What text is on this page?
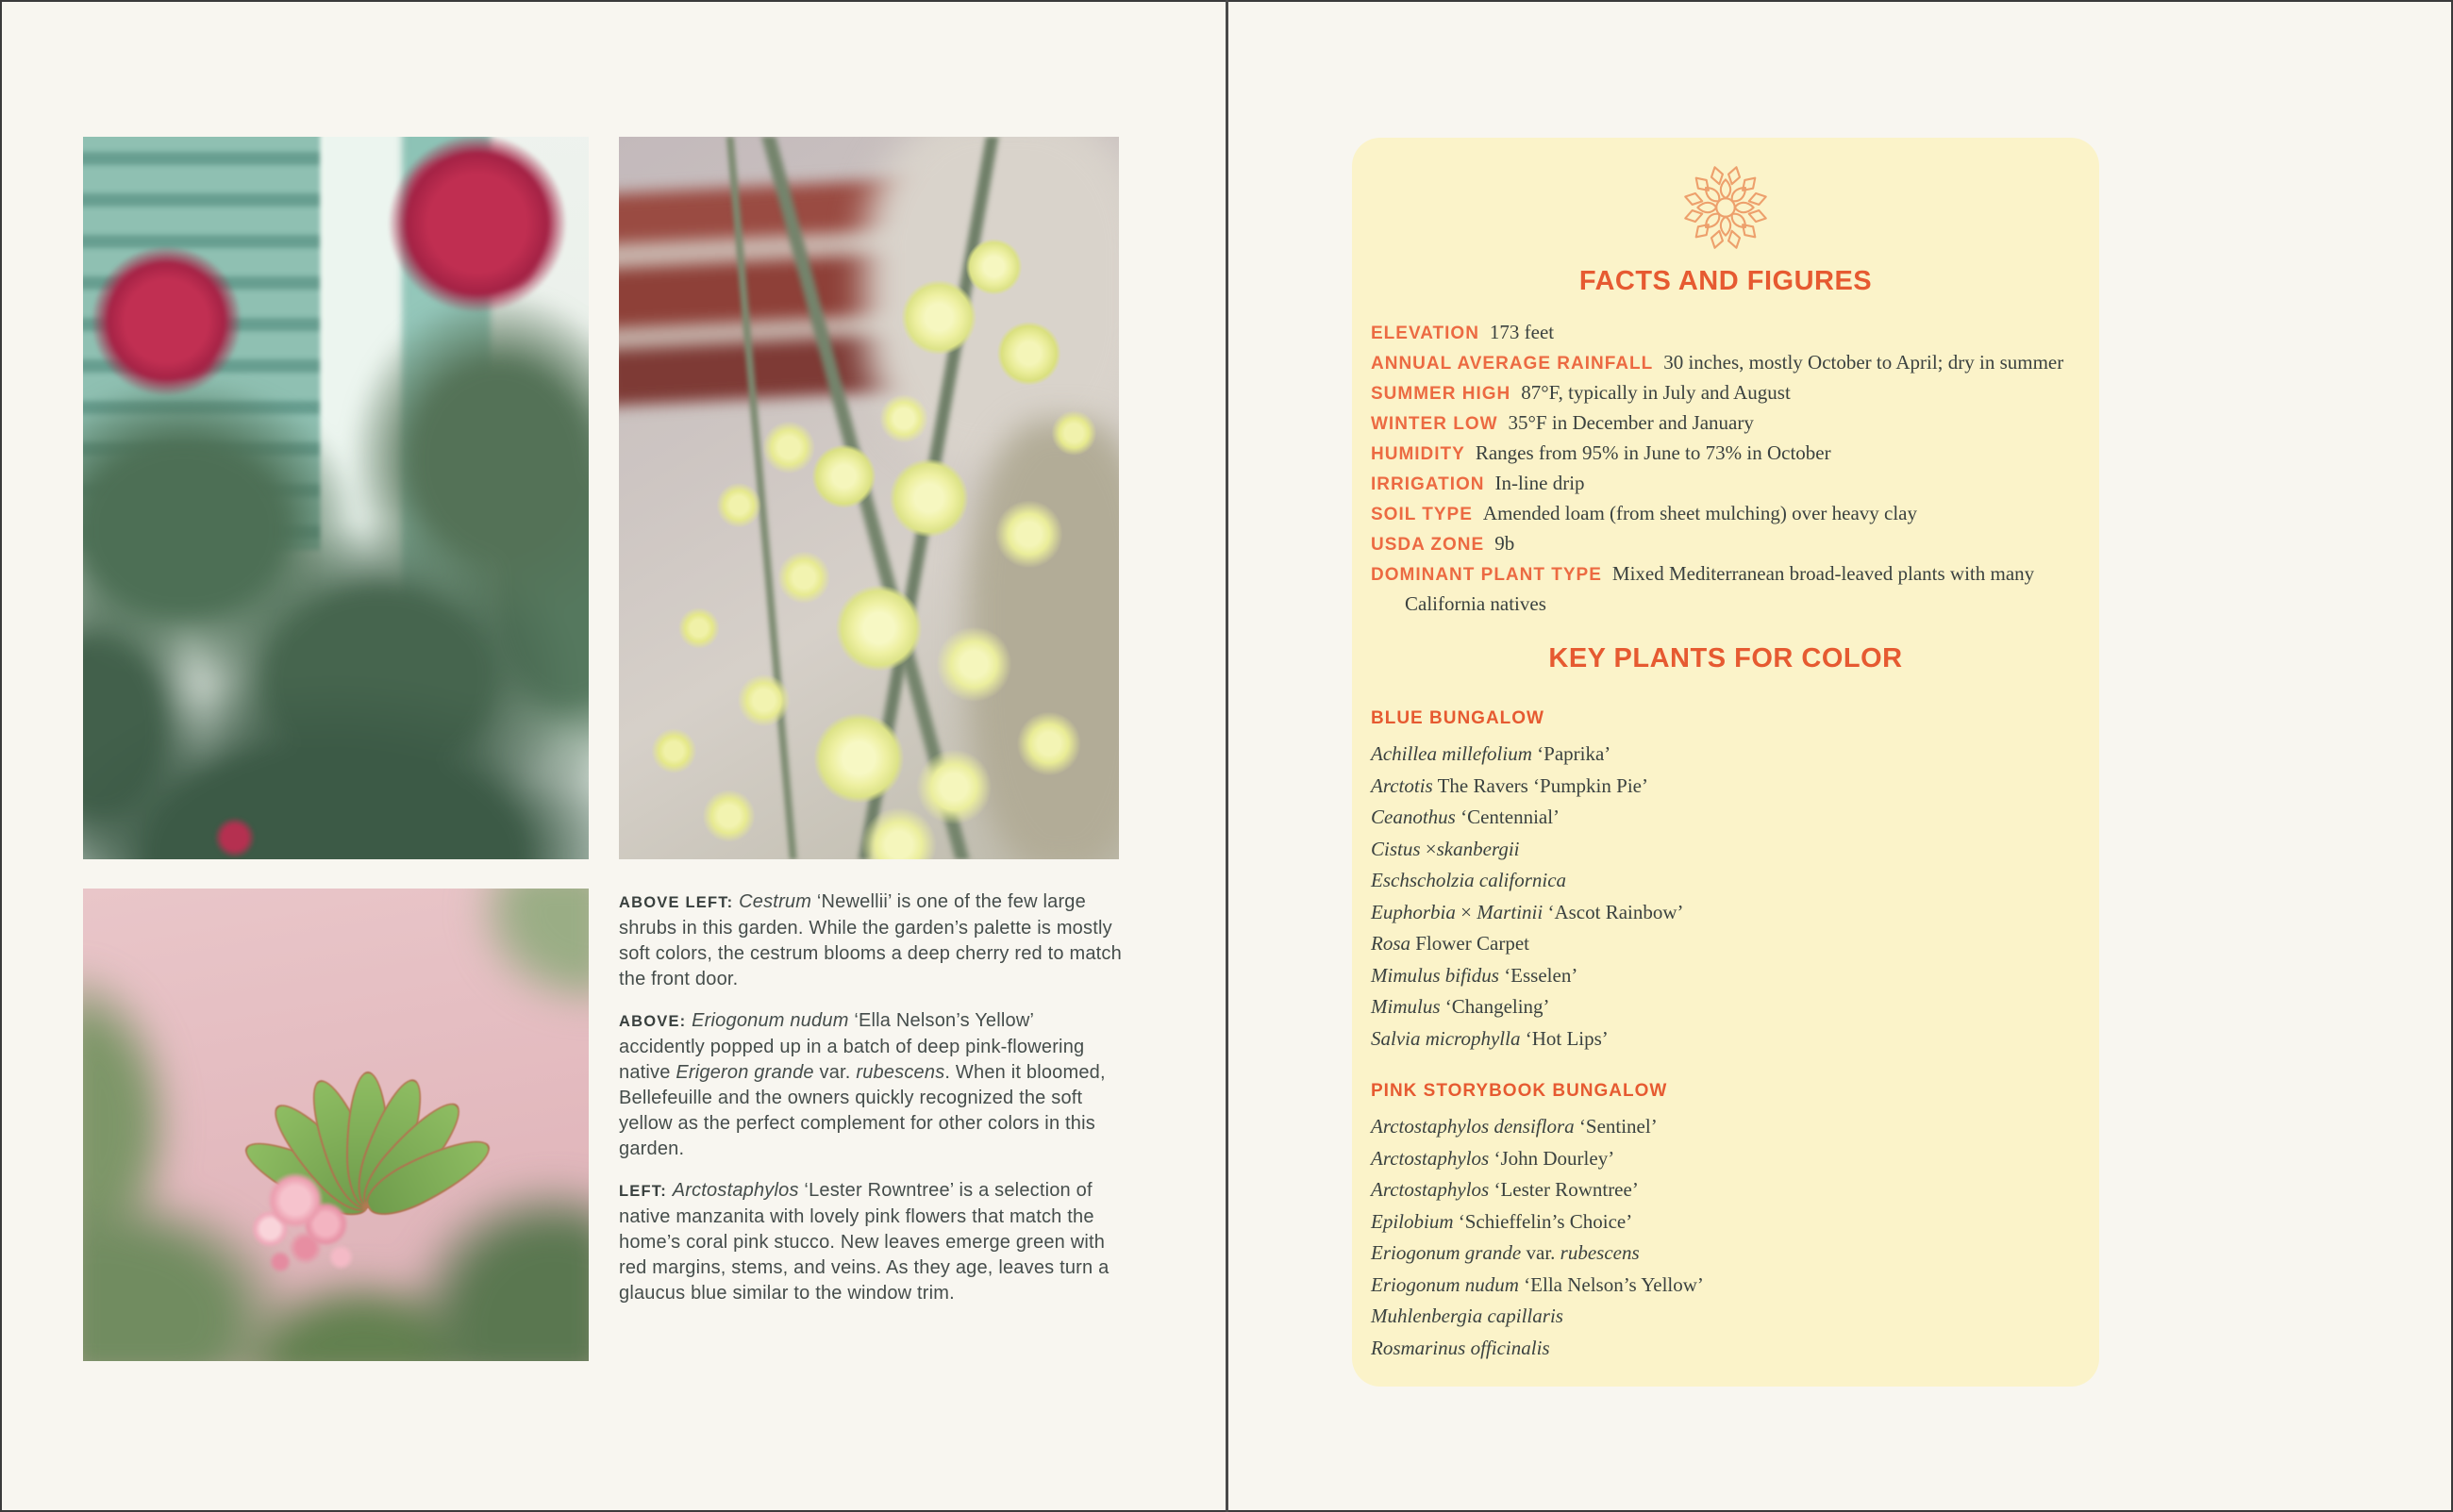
ABOVE LEFT: Cestrum ‘Newellii’ is one of the few large shrubs in this garden. While the garden’s palette is mostly soft colors, the cestrum blooms a deep cherry red to match the front door.

ABOVE: Eriogonum nudum ‘Ella Nelson’s Yellow’ accidently popped up in a batch of deep pink-flowering native Erigeron grande var. rubescens. When it bloomed, Bellefeuille and the owners quickly recognized the soft yellow as the perfect complement for other colors in this garden.

LEFT: Arctostaphylos ‘Lester Rowntree’ is a selection of native manzanita with lovely pink flowers that match the home’s coral pink stucco. New leaves emerge green with red margins, stems, and veins. As they age, leaves turn a glaucus blue similar to the window trim.

FACTS AND FIGURES
ELEVATION 173 feet
ANNUAL AVERAGE RAINFALL 30 inches, mostly October to April; dry in summer
SUMMER HIGH 87°F, typically in July and August
WINTER LOW 35°F in December and January
HUMIDITY Ranges from 95% in June to 73% in October
IRRIGATION In-line drip
SOIL TYPE Amended loam (from sheet mulching) over heavy clay
USDA ZONE 9b
DOMINANT PLANT TYPE Mixed Mediterranean broad-leaved plants with many California natives
KEY PLANTS FOR COLOR
BLUE BUNGALOW
Achillea millefolium ‘Paprika’
Arctotis The Ravers ‘Pumpkin Pie’
Ceanothus ‘Centennial’
Cistus ×skanbergii
Eschscholzia californica
Euphorbia × Martinii ‘Ascot Rainbow’
Rosa Flower Carpet
Mimulus bifidus ‘Esselen’
Mimulus ‘Changeling’
Salvia microphylla ‘Hot Lips’
PINK STORYBOOK BUNGALOW
Arctostaphylos densiflora ‘Sentinel’
Arctostaphylos ‘John Dourley’
Arctostaphylos ‘Lester Rowntree’
Epilobium ‘Schieffelin’s Choice’
Eriogonum grande var. rubescens
Eriogonum nudum ‘Ella Nelson’s Yellow’
Muhlenbergia capillaris
Rosmarinus officinalis
